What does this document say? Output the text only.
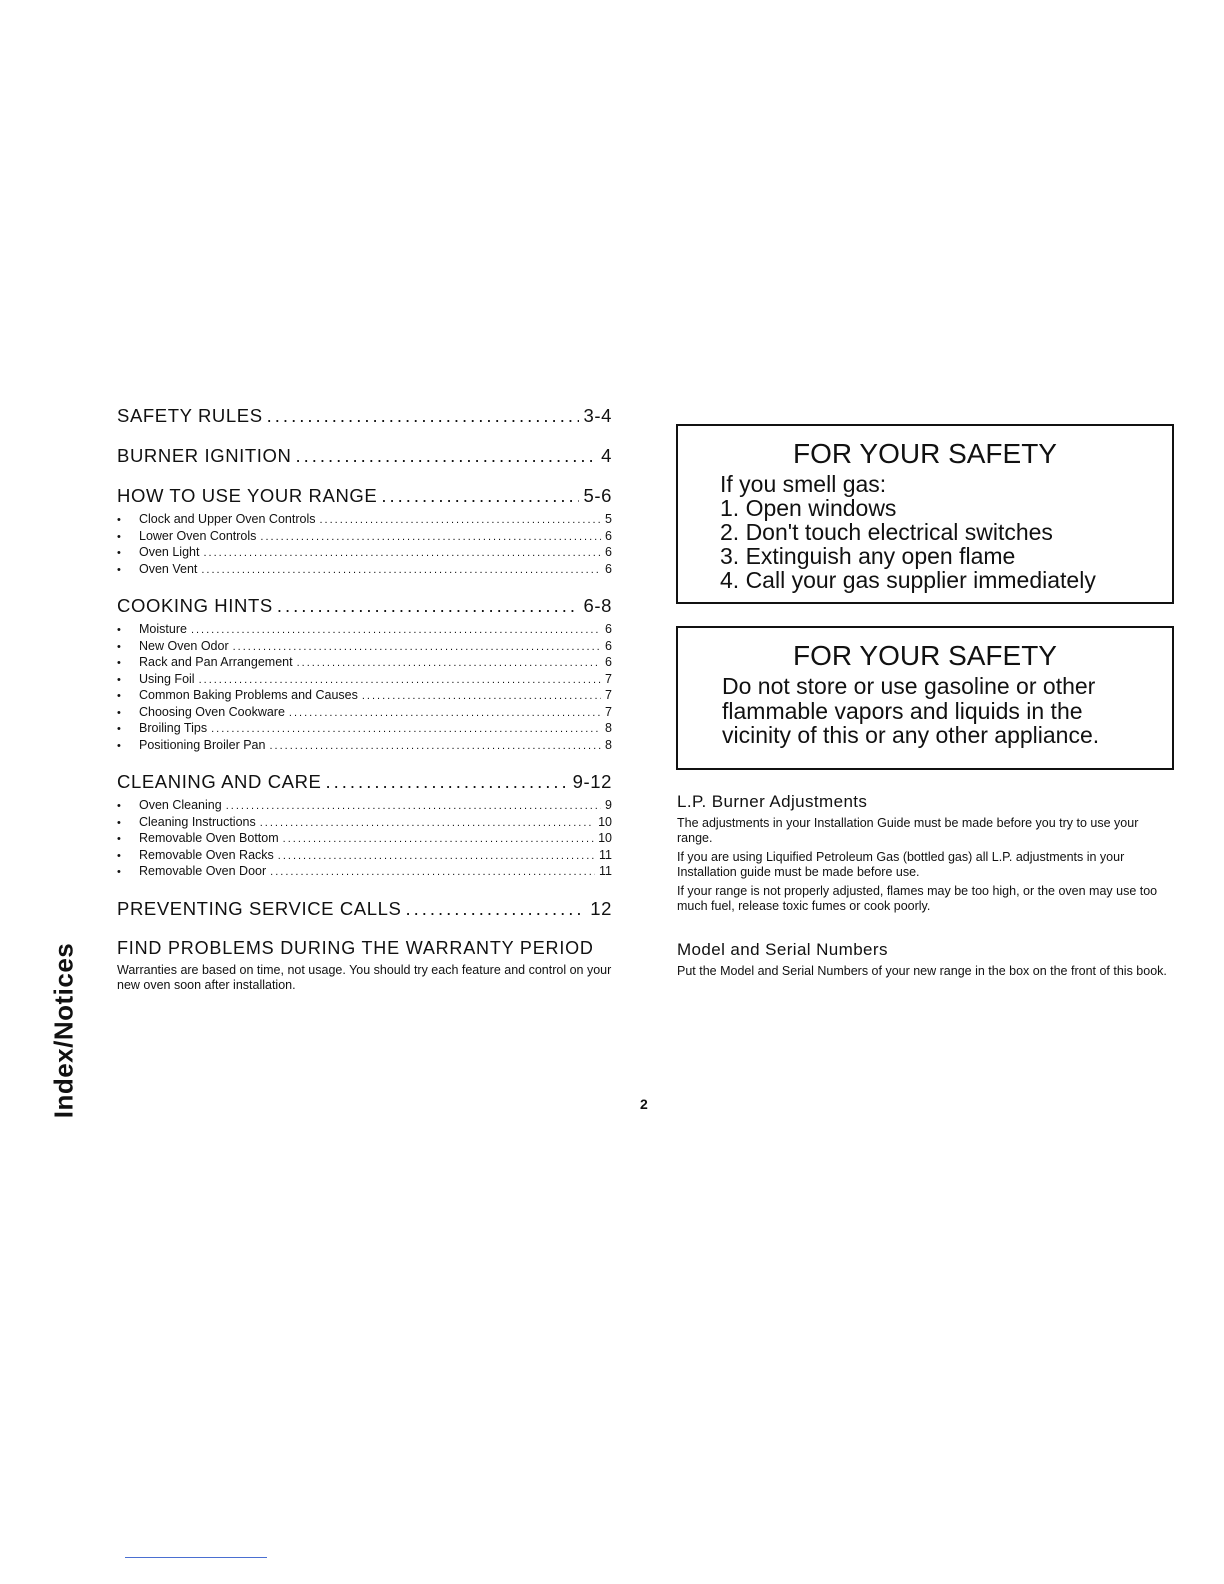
Index/Notices
SAFETY RULES .....	3-4
BURNER IGNITION .....	4
HOW TO USE YOUR RANGE .....	5-6
•	Clock and Upper Oven Controls .....	5
•	Lower Oven Controls .....	6
•	Oven Light .....	6
•	Oven Vent .....	6
COOKING HINTS .....	6-8
•	Moisture .....	6
•	New Oven Odor .....	6
•	Rack and Pan Arrangement .....	6
•	Using Foil .....	7
•	Common Baking Problems and Causes .....	7
•	Choosing Oven Cookware .....	7
•	Broiling Tips .....	8
•	Positioning Broiler Pan .....	8
CLEANING AND CARE .....	9-12
•	Oven Cleaning .....	9
•	Cleaning Instructions .....	10
•	Removable Oven Bottom .....	10
•	Removable Oven Racks .....	11
•	Removable Oven Door .....	11
PREVENTING SERVICE CALLS .....	12
FIND PROBLEMS DURING THE WARRANTY PERIOD
Warranties are based on time, not usage. You should try each feature and control on your new oven soon after installation.
FOR YOUR SAFETY
If you smell gas:
1. Open windows
2. Don't touch electrical switches
3. Extinguish any open flame
4. Call your gas supplier immediately
FOR YOUR SAFETY
Do not store or use gasoline or other
flammable vapors and liquids in the
vicinity of this or any other appliance.
L.P. Burner Adjustments

The adjustments in your Installation Guide must be made before you try to use your range.

If you are using Liquified Petroleum Gas (bottled gas) all L.P. adjustments in your Installation guide must be made before use.

If your range is not properly adjusted, flames may be too high, or the oven may use too much fuel, release toxic fumes or cook poorly.

Model and Serial Numbers

Put the Model and Serial Numbers of your new range in the box on the front of this book.

2
